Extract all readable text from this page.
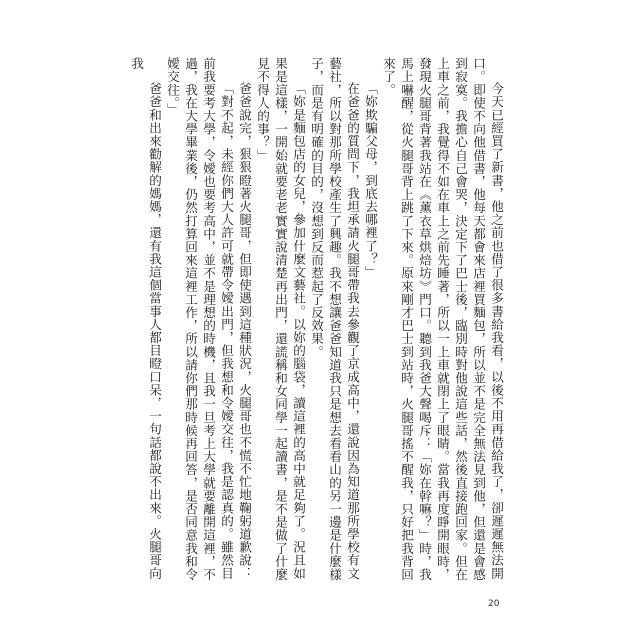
今天已經買了新書，他之前也借了很多書給我看，以後不用再借給我了，卻遲遲無法開口。即使不向他借書，他每天都會來店裡買麵包，所以並不是完全無法見到他，但還是會感到寂寞。我擔心自己會哭，決定下了巴士後，臨別時對他說這些話，然後直接跑回家。但在上車之前，我覺得不如在車上之前先睡著，所以一上車就閉上了眼睛。當我再度睜開眼時，發現火腿哥背著我站在《薰衣草烘焙坊》門口。聽到我爸大聲喝斥：「妳在幹嘛？」時，我馬上嚇醒，從火腿哥背上跳了下來。原來剛才巴士到站時，火腿哥搖不醒我，只好把我背回來了。

「妳欺騙父母，到底去哪裡了？」

在爸爸的質問下，我坦承請火腿哥帶我去參觀了京成高中，還說因為知道那所學校有文藝社，所以對那所學校產生了興趣。我不想讓爸爸知道我只是想去看看山的另一邊是什麼樣子，而是有明確的目的，沒想到反而惹起了反效果。

「妳是麵包店的女兒，參加什麼文藝社。以妳的腦袋，讀這裡的高中就足夠了。況且如果是這樣，一開始就要老老實實說清楚再出門，還謊稱和女同學一起讀書，是不是做了什麼見不得人的事？」

爸爸說完，狠狠瞪著火腿哥，但即使遇到這種狀況，火腿哥也不慌不忙地鞠躬道歉說：

「對不起，未經你們大人許可就帶令嬡出門，但我想和令嬡交往，我是認真的。雖然目前我要考大學，令嬡也要考高中，並不是理想的時機，且我一旦考上大學就要離開這裡，不過，我在大學畢業後，仍然打算回來這裡工作，所以請你們那時候再回答，是否同意我和令嬡交往。」

爸爸和出來勸解的媽媽，還有我這個當事人都目瞪口呆，一句話都說不出來。火腿哥向我

20
